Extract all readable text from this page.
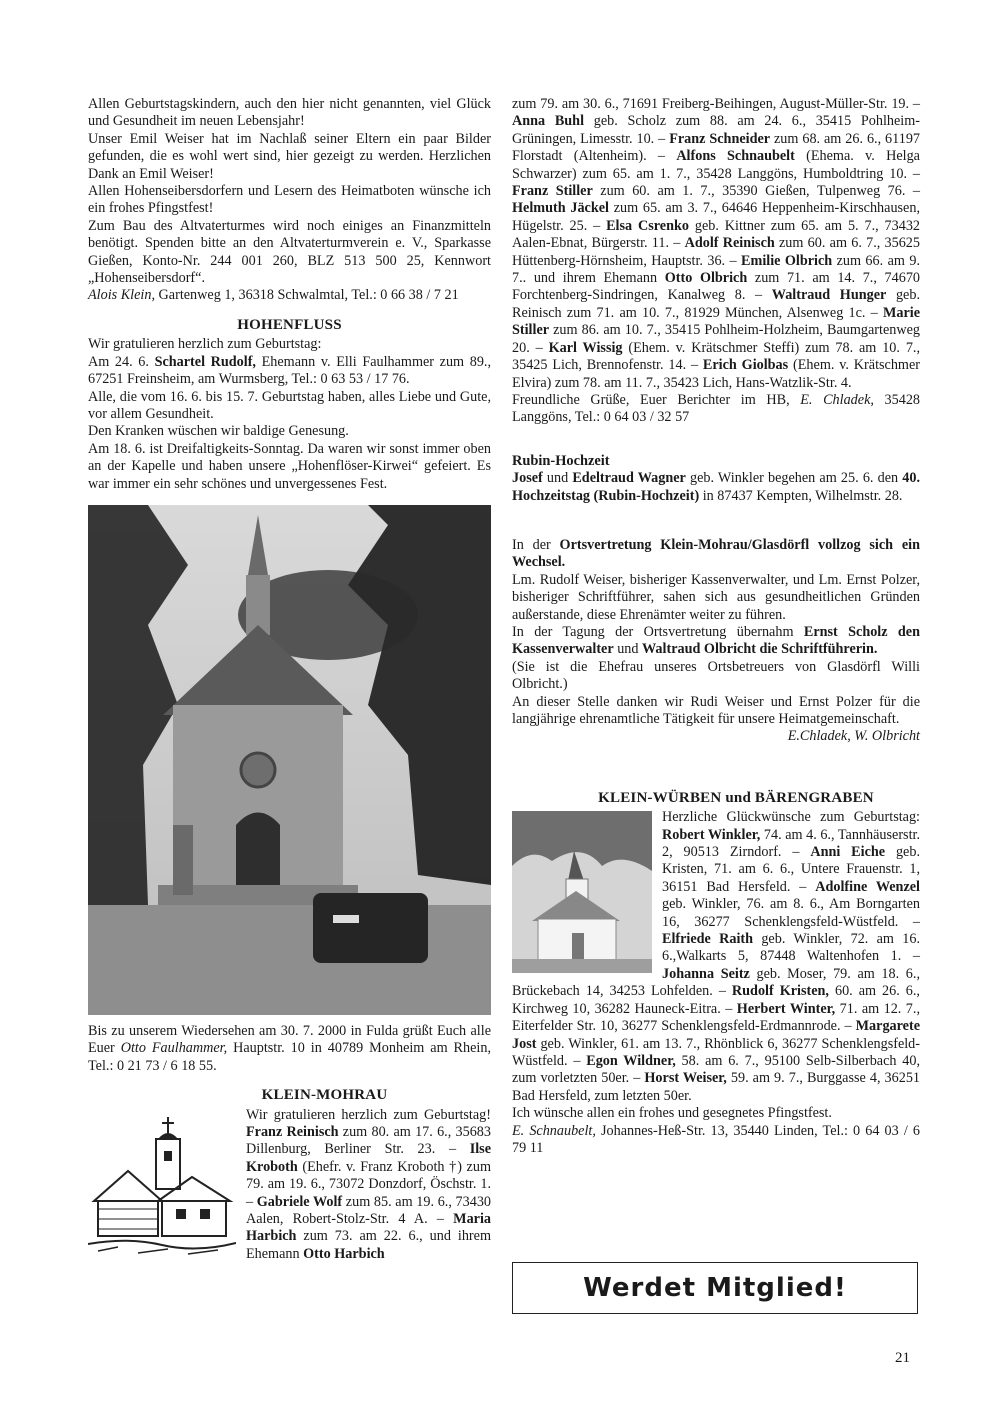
Allen Geburtstagskindern, auch den hier nicht genannten, viel Glück und Gesundheit im neuen Lebensjahr!

Unser Emil Weiser hat im Nachlaß seiner Eltern ein paar Bilder gefunden, die es wohl wert sind, hier gezeigt zu werden. Herzlichen Dank an Emil Weiser!

Allen Hohenseibersdorfern und Lesern des Heimatboten wünsche ich ein frohes Pfingstfest!

Zum Bau des Altvaterturmes wird noch einiges an Finanzmitteln benötigt. Spenden bitte an den Altvaterturmverein e. V., Sparkasse Gießen, Konto-Nr. 244 001 260, BLZ 513 500 25, Kennwort „Hohenseibersdorf“.

Alois Klein, Gartenweg 1, 36318 Schwalmtal, Tel.: 0 66 38 / 7 21

HOHENFLUSS

Wir gratulieren herzlich zum Geburtstag:

Am 24. 6. Schartel Rudolf, Ehemann v. Elli Faulhammer zum 89., 67251 Freinsheim, am Wurmsberg, Tel.: 0 63 53 / 17 76.

Alle, die vom 16. 6. bis 15. 7. Geburtstag haben, alles Liebe und Gute, vor allem Gesundheit.

Den Kranken wüschen wir baldige Genesung.

Am 18. 6. ist Dreifaltigkeits-Sonntag. Da waren wir sonst immer oben an der Kapelle und haben unsere „Hohenflöser-Kirwei“ gefeiert. Es war immer ein sehr schönes und unvergessenes Fest.

Bis zu unserem Wiedersehen am 30. 7. 2000 in Fulda grüßt Euch alle Euer Otto Faulhammer, Hauptstr. 10 in 40789 Monheim am Rhein, Tel.: 0 21 73 / 6 18 55.

KLEIN-MOHRAU
Wir gratulieren herzlich zum Geburtstag! Franz Reinisch zum 80. am 17. 6., 35683 Dillenburg, Berliner Str. 23. – Ilse Kroboth (Ehefr. v. Franz Kroboth †) zum 79. am 19. 6., 73072 Donzdorf, Öschstr. 1. – Gabriele Wolf zum 85. am 19. 6., 73430 Aalen, Robert-Stolz-Str. 4 A. – Maria Harbich zum 73. am 22. 6., und ihrem Ehemann Otto Harbich

zum 79. am 30. 6., 71691 Freiberg-Beihingen, August-Müller-Str. 19. – Anna Buhl geb. Scholz zum 88. am 24. 6., 35415 Pohlheim-Grüningen, Limesstr. 10. – Franz Schneider zum 68. am 26. 6., 61197 Florstadt (Altenheim). – Alfons Schnaubelt (Ehema. v. Helga Schwarzer) zum 65. am 1. 7., 35428 Langgöns, Humboldtring 10. – Franz Stiller zum 60. am 1. 7., 35390 Gießen, Tulpenweg 76. – Helmuth Jäckel zum 65. am 3. 7., 64646 Heppenheim-Kirschhausen, Hügelstr. 25. – Elsa Csrenko geb. Kittner zum 65. am 5. 7., 73432 Aalen-Ebnat, Bürgerstr. 11. – Adolf Reinisch zum 60. am 6. 7., 35625 Hüttenberg-Hörnsheim, Hauptstr. 36. – Emilie Olbrich zum 66. am 9. 7.. und ihrem Ehemann Otto Olbrich zum 71. am 14. 7., 74670 Forchtenberg-Sindringen, Kanalweg 8. – Waltraud Hunger geb. Reinisch zum 71. am 10. 7., 81929 München, Alsenweg 1c. – Marie Stiller zum 86. am 10. 7., 35415 Pohlheim-Holzheim, Baumgartenweg 20. – Karl Wissig (Ehem. v. Krätschmer Steffi) zum 78. am 10. 7., 35425 Lich, Brennofenstr. 14. – Erich Giolbas (Ehem. v. Krätschmer Elvira) zum 78. am 11. 7., 35423 Lich, Hans-Watzlik-Str. 4.

Freundliche Grüße, Euer Berichter im HB, E. Chladek, 35428 Langgöns, Tel.: 0 64 03 / 32 57

Rubin-Hochzeit

Josef und Edeltraud Wagner geb. Winkler begehen am 25. 6. den 40. Hochzeitstag (Rubin-Hochzeit) in 87437 Kempten, Wilhelmstr. 28.

In der Ortsvertretung Klein-Mohrau/Glasdörfl vollzog sich ein Wechsel.

Lm. Rudolf Weiser, bisheriger Kassenverwalter, und Lm. Ernst Polzer, bisheriger Schriftführer, sahen sich aus gesundheitlichen Gründen außerstande, diese Ehrenämter weiter zu führen.

In der Tagung der Ortsvertretung übernahm Ernst Scholz den Kassenverwalter und Waltraud Olbricht die Schriftführerin.

(Sie ist die Ehefrau unseres Ortsbetreuers von Glasdörfl Willi Olbricht.)

An dieser Stelle danken wir Rudi Weiser und Ernst Polzer für die langjährige ehrenamtliche Tätigkeit für unsere Heimatgemeinschaft.

E.Chladek, W. Olbricht

KLEIN-WÜRBEN und BÄRENGRABEN
Herzliche Glückwünsche zum Geburtstag: Robert Winkler, 74. am 4. 6., Tannhäuserstr. 2, 90513 Zirndorf. – Anni Eiche geb. Kristen, 71. am 6. 6., Untere Frauenstr. 1, 36151 Bad Hersfeld. – Adolfine Wenzel geb. Winkler, 76. am 8. 6., Am Borngarten 16, 36277 Schenklengsfeld-Wüstfeld. – Elfriede Raith geb. Winkler, 72. am 16. 6.,Walkarts 5, 87448 Waltenhofen 1. – Johanna Seitz geb. Moser, 79. am 18. 6., Brückebach 14, 34253 Lohfelden. – Rudolf Kristen, 60. am 26. 6., Kirchweg 10, 36282 Hauneck-Eitra. – Herbert Winter, 71. am 12. 7., Eiterfelder Str. 10, 36277 Schenklengsfeld-Erdmannrode. – Margarete Jost geb. Winkler, 61. am 13. 7., Rhönblick 6, 36277 Schenklengsfeld-Wüstfeld. – Egon Wildner, 58. am 6. 7., 95100 Selb-Silberbach 40, zum vorletzten 50er. – Horst Weiser, 59. am 9. 7., Burggasse 4, 36251 Bad Hersfeld, zum letzten 50er.

Ich wünsche allen ein frohes und gesegnetes Pfingstfest.

E. Schnaubelt, Johannes-Heß-Str. 13, 35440 Linden, Tel.: 0 64 03 / 6 79 11

Werdet Mitglied!
21
